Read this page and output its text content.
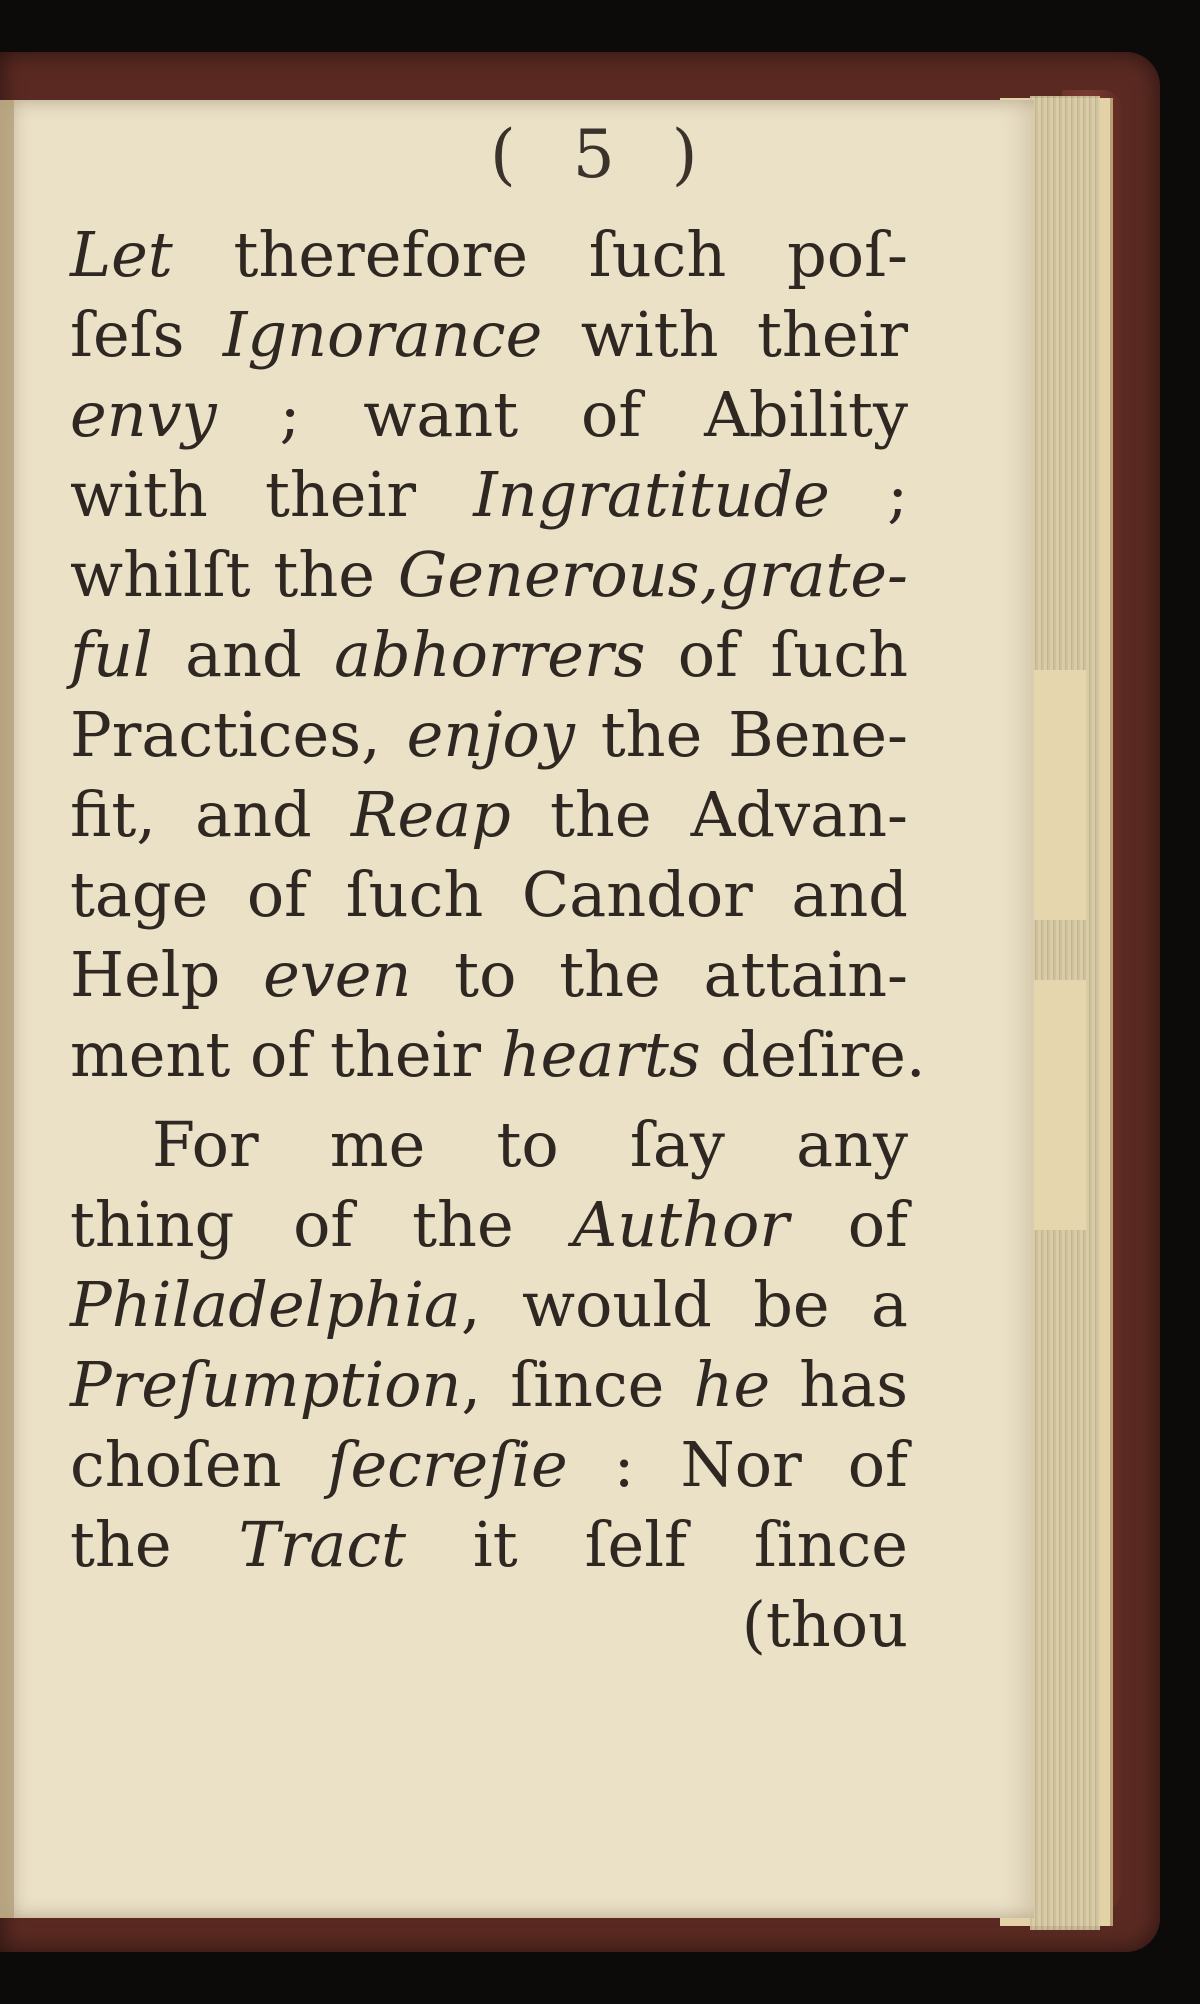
( 5 )
Let therefore ſuch poſ-
ſeſs Ignorance with their
envy ; want of Ability
with their Ingratitude ;
whilſt the Generous,grate-
ful and abhorrers of ſuch
Practices, enjoy the Bene-
fit, and Reap the Advan-
tage of ſuch Candor and
Help even to the attain-
ment of their hearts deſire.
For me to ſay any
thing of the Author of
Philadelphia, would be a
Preſumption, ſince he has
choſen ſecreſie : Nor of
the Tract it ſelf ſince
(thou
